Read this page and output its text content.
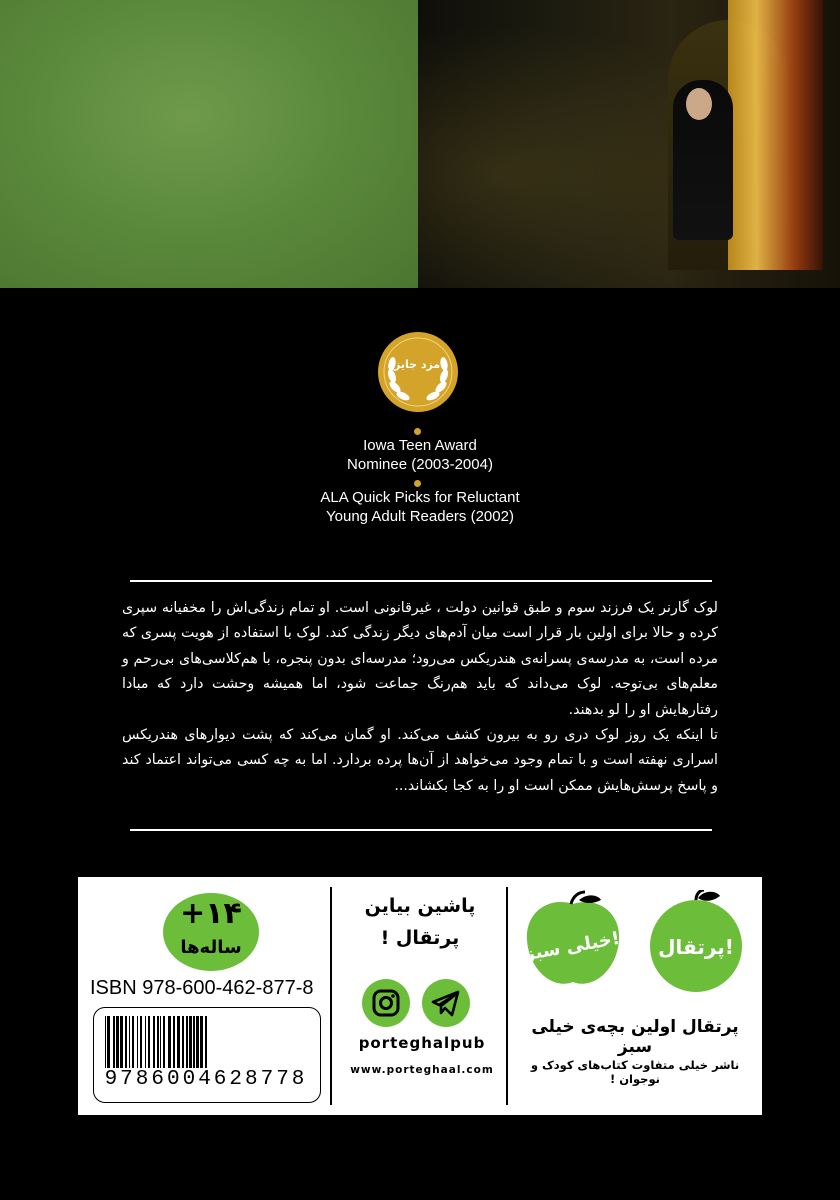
نامزد جایزه
Iowa Teen Award
Nominee (2003-2004)
ALA Quick Picks for Reluctant
Young Adult Readers (2002)

لوک گارنر یک فرزند سوم و طبق قوانین دولت ، غیرقانونی است. او تمام زندگی‌اش را مخفیانه سپری کرده و حالا برای اولین بار قرار است میان آدم‌های دیگر زندگی کند. لوک با استفاده از هویت پسری که مرده است، به مدرسه‌ی پسرانه‌ی هندریکس می‌رود؛ مدرسه‌ای بدون پنجره، با هم‌کلاسی‌های بی‌رحم و معلم‌های بی‌توجه. لوک می‌داند که باید هم‌رنگ جماعت شود، اما همیشه وحشت دارد که مبادا رفتارهایش او را لو بدهند.

تا اینکه یک روز لوک دری رو به بیرون کشف می‌کند. او گمان می‌کند که پشت دیوارهای هندریکس اسراری نهفته است و با تمام وجود می‌خواهد از آن‌ها پرده بردارد. اما به چه کسی می‌تواند اعتماد کند و پاسخ پرسش‌هایش ممکن است او را به کجا بکشاند...

+۱۴
ساله‌ها
ISBN 978-600-462-877-8
9786004628778
پاشین بیاین
پرتقال !
porteghalpub
www.porteghaal.com
خیلی سبز! پرتقال!
پرتقال اولین بچه‌ی خیلی سبز
ناشر خیلی متفاوت کتاب‌های کودک و نوجوان !
